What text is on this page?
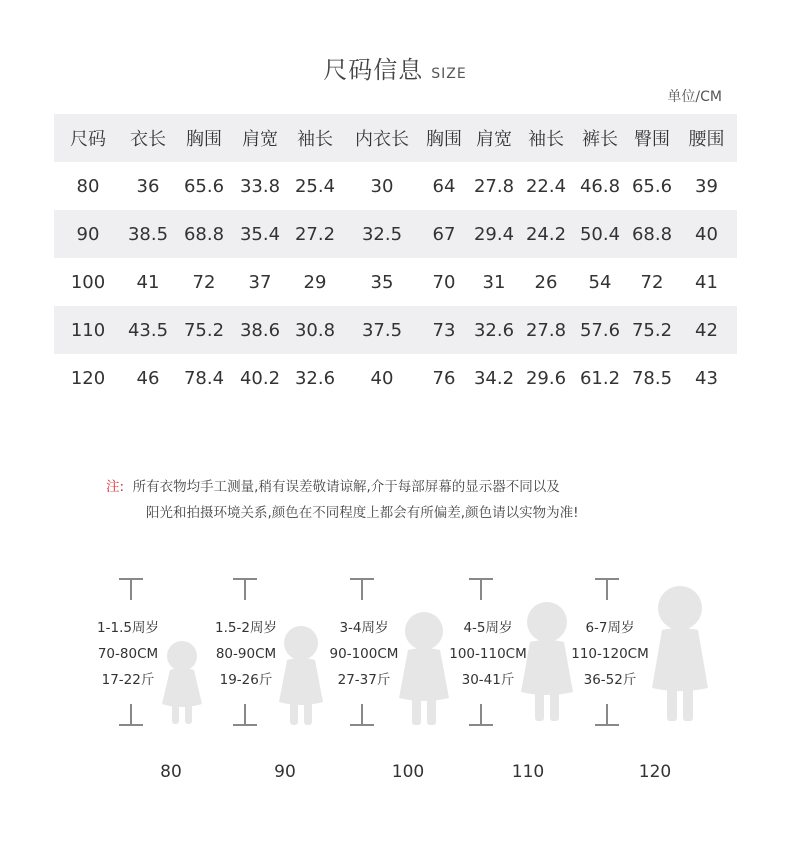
尺码信息 SIZE
单位/CM
尺码	衣长	胸围	肩宽	袖长	内衣长	胸围	肩宽	袖长	裤长	臀围	腰围
80	36	65.6	33.8	25.4	30	64	27.8	22.4	46.8	65.6	39
90	38.5	68.8	35.4	27.2	32.5	67	29.4	24.2	50.4	68.8	40
100	41	72	37	29	35	70	31	26	54	72	41
110	43.5	75.2	38.6	30.8	37.5	73	32.6	27.8	57.6	75.2	42
120	46	78.4	40.2	32.6	40	76	34.2	29.6	61.2	78.5	43
注: 所有衣物均手工测量,稍有误差敬请谅解,介于每部屏幕的显示器不同以及
阳光和拍摄环境关系,颜色在不同程度上都会有所偏差,颜色请以实物为准!
1-1.5周岁
70-80CM
17-22斤
80
1.5-2周岁
80-90CM
19-26斤
90
3-4周岁
90-100CM
27-37斤
100
4-5周岁
100-110CM
30-41斤
110
6-7周岁
110-120CM
36-52斤
120
